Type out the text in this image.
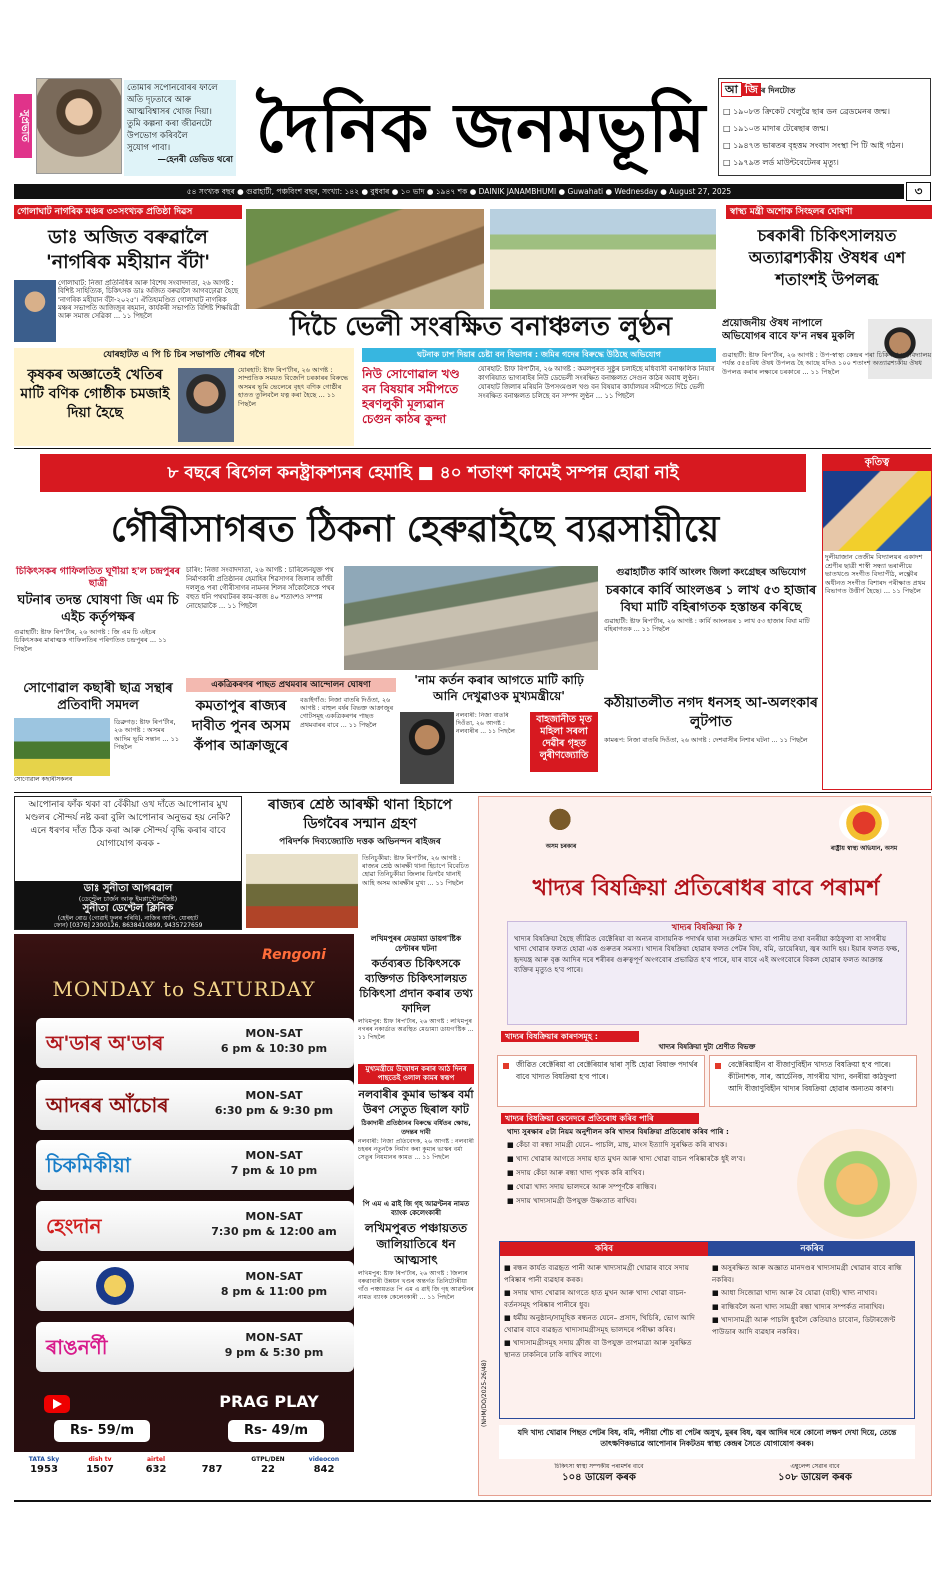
সুপ্ৰভাত
তোমাৰ সপোনবোৰৰ ফালে
অতি দৃঢ়তাৰে আৰু
আত্মবিশ্বাসৰ খোজ দিয়া।
তুমি কল্পনা কৰা জীৱনটো
উপভোগ কৰিবলৈ
সুযোগ পাবা।
—হেনৰী ডেভিড থৰো দৈনিক জনমভূমি	আ জি ৰ দিনটোত
□ ১৯০৮ত ক্ৰিকেট খেলুৱৈ ছাৰ ডন ব্ৰেডমেনৰ জন্ম।
□ ১৯১০ত মাদাৰ টেৰেছাৰ জন্ম।
□ ১৯৪৭ত ভাৰতৰ বৃহত্তম সংবাদ সংস্থা পি টি আই গঠন।
□ ১৯৭৯ত লৰ্ড মাউন্টবেটেনৰ মৃত্যু।
৫৪ সংখ্যক বছৰ ● গুৱাহাটী, পঞ্চবিংশ বছৰ, সংখ্যা: ১৪২ ● বুধবাৰ ● ১০ ভাদ ● ১৯৪৭ শক ● DAINIK JANAMBHUMI ● Guwahati ● Wednesday ● August 27, 2025	৩
গোলাঘাট নাগৰিক মঞ্চৰ ৩০সংখ্যক প্ৰতিষ্ঠা দিৱস
ডাঃ অজিত বৰুৱালৈ
'নাগৰিক মহীয়ান বঁটা'
গোলাঘাট: নিজা প্ৰতিনিধিৰ আৰু বিশেষ সংবাদদাতা, ২৬ আগষ্ট : বিশিষ্ট সাহিত্যিক, চিকিৎসক ডাঃ অজিত বৰুৱালৈ আগবঢ়োৱা হৈছে 'নাগৰিক মহীয়ান বঁটা-২০২৫'। ঐতিহ্যমণ্ডিত গোলাঘাট নাগৰিক মঞ্চৰ সভাপতি আজিজুৰ ৰহমান, কাৰ্যকৰী সভাপতি বিশিষ্ট শিক্ষয়িত্ৰী আৰু সমাজ সেৱিকা ... ১১ পিছলৈ	দিচৈ ভেলী সংৰক্ষিত বনাঞ্চলত লুণ্ঠন
ঘটনাক ঢাপ দিয়াৰ চেষ্টা বন বিভাগৰ : জমিৰ গদেৰ বিৰুদ্ধে উঠিছে অভিযোগ
নিউ সোণোৱাল খণ্ড বন বিষয়াৰ সমীপতে হৰণলুকী মূল্যৱান চেগুন কাঠৰ কুন্দা
যোৰহাট: ষ্টাফ ৰিপ'ৰ্টাৰ, ২৬ আগষ্ট : কমলপুৰত সুষ্ঠুৰ চলাইছে মধিবাসী বনাঞ্চলিক নিয়াৰ কাগৰিয়াত ভাগ্যৰাইৰ নিউ ডেভেলী সংৰক্ষিত বনাঞ্চলত সেগুন কাঠৰ অবাধ লুণ্ঠন। যোৰহাট জিলাৰ মৰিয়নি উপসংমণ্ডল খণ্ড বন বিষয়াৰ কাৰ্যালয়ৰ সমীপতে দিচৈ ভেলী সংৰক্ষিত বনাঞ্চলত চলিছে বন সম্পদ লুণ্ঠন ... ১১ পিছলৈ
যোৰহাটত এ পি চি চিৰ সভাপতি গৌৰৱ গগৈ
কৃষকৰ অজ্ঞাতেই খেতিৰ মাটি বণিক গোষ্ঠীক চমজাই দিয়া হৈছে
যোৰহাট: ষ্টাফ ৰিপ'ৰ্টাৰ, ২৬ আগষ্ট : সাম্প্ৰতিক সময়ত বিজেপি চৰকাৰৰ বিৰুদ্ধে অসমৰ ভূমি ভেলেৰে বৃহৎ বণিক গোষ্ঠীৰ হাতত তুলিবলৈ যত্ন কৰা হৈছে ... ১১ পিছলৈ
স্বাস্থ্য মন্ত্ৰী অশোক সিংহলৰ ঘোষণা
চৰকাৰী চিকিৎসালয়ত অত্যাৱশ্যকীয় ঔষধৰ এশ শতাংশই উপলব্ধ
প্ৰয়োজনীয় ঔষধ নাপালে অভিযোগৰ বাবে ফ'ন নম্বৰ মুকলি
গুৱাহাটী: ষ্টাফ ৰিপ'ৰ্টাৰ, ২৬ আগষ্ট : উপ-স্বাস্থ্য কেন্দ্ৰৰ পৰা চিকিৎসা মহাবিদ্যালয় পৰ্যন্ত ৫৫৪বিধ ঔষধ উপলব্ধ হৈ আছে যদিও ১০০ শতাংশ অত্যাৱশ্যকীয় ঔষধ উপলব্ধ কৰাৰ লক্ষ্যৰে চৰকাৰে ... ১১ পিছলৈ
৮ বছৰে ৰিগেল কনষ্ট্ৰাকশ্যনৰ হেমাহি ■ ৪০ শতাংশ কামেই সম্পন্ন হোৱা নাই
গৌৰীসাগৰত ঠিকনা হেৰুৱাইছে ব্যৱসায়ীয়ে
কৃতিত্ব
দুলীয়াজান তেজীম বিদ্যালয়ৰ একাদশ শ্ৰেণীৰ ছাত্ৰী শাস্বী সন্ধ্যা ভৰালীয়ে ভাতখণ্ডে সংগীত বিদ্যাপীঠ, লক্ষ্ণৌৰ অধীনত সংগীত বিশাৰদ পৰীক্ষাত প্ৰথম বিভাগত উত্তীৰ্ণ হৈছে। ... ১১ পিছলৈ
চিকিৎসকৰ গাফিলতিত ঘূণীয়া হ'ল চন্দ্ৰপুৰৰ ছাত্ৰী
ঘটনাৰ তদন্ত ঘোষণা জি এম চি এইচ কৰ্তৃপক্ষৰ
গুৱাহাটী: ষ্টাফ ৰিপ'ৰ্টাৰ, ২৬ আগষ্ট : জি এম চি এইচৰ চিকিৎসকৰ মাৰাত্মক গাফিলতিৰ পৰিণতিত চন্দ্ৰপুৰৰ ... ১১ পিছলৈ
সোণোৱাল কছাৰী ছাত্ৰ সন্থাৰ প্ৰতিবাদী সমদল
ডিব্ৰুগড়: ষ্টাফ ৰিপ'ৰ্টাৰ, ২৬ আগষ্ট : অসমৰ আদিম ভূমি সন্তান ... ১১ পিছলৈ
সোণোৱাল কছাৰীসকলৰ
চাৰিং: নিজা সংবাদদাতা, ২৬ আগষ্ট : চাৰিলেনযুক্ত পথ নিৰ্মাণকাৰী প্ৰতিষ্ঠানৰ হেমাহিৰ শিৱসাগৰ জিলাৰ জাঁজী দললুঙ পৰা গৌৰীসাগৰ নামনৰ শিলৰ সাঁকোলৈকে পথৰ বহুত ধনি পথঘাটৰৰ কাম-কাজ ৪০ শতাংশও সম্পন্ন নোহোৱাকৈ ... ১১ পিছলৈ
একত্ৰিকৰণৰ পাছত প্ৰথমবাৰ আন্দোলন ঘোষণা
কমতাপুৰ ৰাজ্যৰ দাবীত পুনৰ অসম কঁপাৰ আক্ৰাজুৰে
বঙাইগাঁও: নিজা বাতৰি দিওঁতা, ২৬ আগষ্ট : বাহুল বৰ্ষৰ বিভক্ত আক্ৰাজুৰ গোটসমূহ একত্ৰিকৰণৰ পাছত প্ৰথমবাৰৰ বাবে ... ১১ পিছলৈ
'নাম কৰ্তন কৰাৰ আগতে মাটি কাঢ়ি আনি দেখুৱাওক মুখ্যমন্ত্ৰীয়ে'
নলবাৰী: নিজা বাতৰি দিওঁতা, ২৬ আগষ্ট : নলবাৰীৰ ... ১১ পিছলৈ
বাহজানীত মৃত মহিলা সৰলা দেৱীৰ গৃহত লুৰীণজ্যোতি
গুৱাহাটীত কাৰ্বি আংলং জিলা কংগ্ৰেছৰ অভিযোগ
চৰকাৰে কাৰ্বি আংলঙৰ ১ লাখ ৫৩ হাজাৰ বিঘা মাটি বহিৰাগতক হস্তান্তৰ কৰিছে
গুৱাহাটী: ষ্টাফ ৰিপ'ৰ্টাৰ, ২৬ আগষ্ট : কাৰ্বি আংলঙৰ ১ লাখ ৫৩ হাজাৰ বিঘা মাটি বহিৰাগতক ... ১১ পিছলৈ
কঠীয়াতলীত নগদ ধনসহ আ-অলংকাৰ লুটপাত
কামৰূপ: নিজা বাতৰি দিওঁতা, ২৬ আগষ্ট : দেশবাসীৰ নিশাৰ ঘটনা ... ১১ পিছলৈ
আপোনাৰ ফাঁক থকা বা বেঁকীয়া ওখ দাঁতে আপোনাৰ মুখ মণ্ডলৰ সৌন্দৰ্য নষ্ট কৰা বুলি আপোনাৰ অনুভৱ হয় নেকি? এনে ধৰণৰ দাঁত ঠিক কৰা আৰু সৌন্দৰ্য বৃদ্ধি কৰাৰ বাবে যোগাযোগ কৰক -
ডাঃ সুনীতা আগৰৱাল
(ডেণ্টেল চাৰ্জন আৰু ইমপ্লান্টোলজিষ্ট)
সুনীতা ডেণ্টেল ক্লিনিক
(হেইল ৰোড (গোৱাই ফুলৰ পৰিধি), নাজিৰ আলি, যোৰহাট
ফোন) [0376] 2300126, 8638410899, 9435727659
ৰাজ্যৰ শ্ৰেষ্ঠ আৰক্ষী থানা হিচাপে ডিগবৈৰ সন্মান গ্ৰহণ
পৰিদৰ্শক দিব্যজ্যোতি দত্তক অভিনন্দন ৰাইজৰ
তিনিচুকীয়া: ষ্টাফ ৰিপ'ৰ্টাৰ, ২৬ আগষ্ট : ৰাজ্যৰ শ্ৰেষ্ঠ আৰক্ষী থানা হিচাপে বিবেচিত হোৱা তিনিচুকীয়া জিলাৰ ডিগবৈ থানাই আহি অসম আৰক্ষীৰ মুখ্য ... ১১ পিছলৈ
Rengoni
MONDAY to SATURDAY
অ'ডাৰ অ'ডাৰ	MON-SAT
6 pm & 10:30 pm
আদৰৰ আঁচোৰ	MON-SAT
6:30 pm & 9:30 pm
চিকমিকীয়া	MON-SAT
7 pm & 10 pm
হেংদান	MON-SAT
7:30 pm & 12:00 am
MON-SAT
8 pm & 11:00 pm
ৰাঙনৰ্ণী	MON-SAT
9 pm & 5:30 pm
Rs- 59/m
PRAG PLAY
Rs- 49/m
TATA Sky
1953
dish tv
1507
airtel
632	787
GTPL/DEN
22
videocon
842
লখিমপুৰৰ মেডাম্যা ডায়গ'ষ্টিক চেণ্টাৰৰ ঘটনা
কৰ্তব্যৰত চিকিৎসকে ব্যক্তিগত চিকিৎসালয়ত চিকিৎসা প্ৰদান কৰাৰ তথ্য ফাদিল
লখিমপুৰ: ষ্টাফ ৰিপ'ৰ্টাৰ, ২৬ আগষ্ট : লখিমপুৰ নগৰৰ নকাৰ্ডাত অৱস্থিত মেডাম্যা ডায়গ'ষ্টিক ... ১১ পিছলৈ
মুখ্যমন্ত্ৰীয়ে উদ্বোধন কৰাৰ আঠ দিনৰ পাছতেই ওলাল কামৰ স্বৰূপ
নলবাৰীৰ কুমাৰ ভাস্কৰ বৰ্মা উৰণ সেতুত ছিৰাল ফাট
ঠিকাদাৰী প্ৰতিষ্ঠানৰ বিৰুদ্ধে বৰ্ধিতৰ ক্ষোভ, তদন্তৰ দাবী
নলবাৰী: নিজা প্ৰতিবেদক, ২৬ আগষ্ট : নলবাৰী চহৰৰ নতুনকৈ নিৰ্মাণ কৰা কুমাৰ ভাস্কৰ বৰ্মা সেতুৰ নিয়মানৰ কামত ... ১১ পিছলৈ
পি এম এ ৱাই জি গৃহ আৱণ্টনৰ নামত ব্যাংক কেলেংকাৰী
লখিমপুৰত পঞ্চায়তত জালিয়াতিৰে ধন আত্মসাৎ
লখিমপুৰ: ষ্টাফ ৰিপ'ৰ্টাৰ, ২৬ আগষ্ট : জিলাৰ বৰুৱাবাৰী উন্নয়ন খণ্ডৰ অন্তৰ্গত তিনিটোৰীয়া গাঁও পঞ্চায়তত পি এম এ ৱাই জি গৃহ আৱণ্টনৰ নামত ব্যাংক কেলেংকাৰী ... ১১ পিছলৈ
অসম চৰকাৰ	ৰাষ্ট্ৰীয় স্বাস্থ্য অভিযান, অসম
খাদ্যৰ বিষক্ৰিয়া প্ৰতিৰোধৰ বাবে পৰামৰ্শ
খাদ্যৰ বিষক্ৰিয়া কি ?
খাদ্যৰ বিষক্ৰিয়া হৈছে জীৱিত বেক্টেৰিয়া বা অন্যৰ বাসায়নিক পদাৰ্থৰ দ্বাৰা সংক্ৰমিত খাদ্য বা পানীয় তথা বনৰীয়া কাঠফুলা বা সাগৰীয় খাদ্য খোৱাৰ ফলত হোৱা এক গুৰুতৰ সমস্যা। খাদ্যৰ বিষক্ৰিয়া হোৱাৰ ফলত পেটৰ বিষ, বমি, ডায়েৰিয়া, জ্বৰ আদি হয়। ইয়াৰ ফলত ফল্ক, হৃদযন্ত্ৰ আৰু বৃক্ক আদিৰ দৰে শৰীৰৰ গুৰুত্বপূৰ্ণ অংগবোৰ প্ৰভাৱিত হ'ব পাৰে, যাৰ বাবে এই অংগবোৰে বিকল হোৱাৰ ফলত আক্ৰান্ত ব্যক্তিৰ মৃত্যুও হ'ব পাৰে।
খাদ্যৰ বিষক্ৰিয়াৰ কাৰণসমূহ :
খাদ্যৰ বিষক্ৰিয়া দুটা শ্ৰেণীত বিভক্ত
জীৱিত বেক্টেৰিয়া বা বেক্টেৰিয়াৰ দ্বাৰা সৃষ্টি হোৱা বিষাক্ত পদাৰ্থৰ বাবে খাদ্যত বিষক্ৰিয়া হ'ব পাৰে।
বেক্টেৰিয়াহীন বা বীজাণুবিহীন খাদ্যত বিষক্ৰিয়া হ'ব পাৰে। কীটনাশক, সাৰ, আৰ্চেনিক, সাগৰীয় খাদ্য, বনৰীয়া কাঠফুলা আদি বীজাণুবিহীন খাদ্যৰ বিষক্ৰিয়া হোৱাৰ অন্যতম কাৰণ।
খাদ্যৰ বিষক্ৰিয়া কেনেদৰে প্ৰতিৰোধ কৰিব পাৰি
খাদ্য সুৰক্ষাৰ ৫টা নিয়ম অনুশীলন কৰি খাদ্যৰ বিষক্ৰিয়া প্ৰতিৰোধ কৰিব পাৰি :
■ কেঁচা বা ৰন্ধা সামগ্ৰী যেনে– পাচলি, মাছ, মাংস ইত্যাদি সুৰক্ষিত কৰি ৰাখক।
■ খাদ্য খোৱাৰ আগতে সদায় হাত মুখন আৰু খাদ্য খোৱা বাচন পৰিষ্কাৰকৈ ধুই ল'ব।
■ সদায় কেঁচা আৰু ৰন্ধা খাদ্য পৃথক কৰি ৰাখিব।
■ খোৱা খাদ্য সদায় ভালদৰে আৰু সম্পূৰ্ণকৈ ৰান্ধিব।
■ সদায় খাদ্যসামগ্ৰী উপযুক্ত উষ্ণতাত ৰাখিব।
কৰিব	নকৰিব
■ ৰন্ধন কাৰ্যত ব্যৱহৃত পানী আৰু খাদ্যসামগ্ৰী খোৱাৰ বাবে সদায় পৰিষ্কাৰ পানী ব্যৱহাৰ কৰক।
■ সদায় খাদ্য খোৱাৰ আগতে হাত মুখন আৰু খাদ্য খোৱা বাচন-বৰ্তনসমূহ পৰিষ্কাৰ পানীৰে ধুব।
■ ধৰ্মীয় অনুষ্ঠান/সামূহিক ৰন্ধনত যেনে– প্ৰসাদ, খিচিৰি, ভোগ আদি খোৱাৰ বাবে ব্যৱহৃত খাদ্যসামগ্ৰীসমূহ ভালদৰে পৰীক্ষা কৰিব।
■ খাদ্যসামগ্ৰীসমূহ সদায় ফ্ৰীজ বা উপযুক্ত তাপমাত্ৰা আৰু সুৰক্ষিত স্থানত ঢাকনিৰে ঢাকি ৰাখিব লাগে।
■ অসুৰক্ষিত আৰু অজ্ঞাত মানদণ্ডৰ খাদ্যসামগ্ৰী খোৱাৰ বাবে ৰান্ধি নকৰিব।
■ আধা সিজোৱা খাদ্য আৰু বৈ যোৱা (বাহী) খাদ্য নাখাব।
■ ৰান্ধিবলৈ অনা খাদ্য সামগ্ৰী ৰন্ধা খাদ্যৰ সম্পৰ্কত নাৰাখিব।
■ খাদ্যসামগ্ৰী আৰু পাচলি ধুবলৈ কেতিয়াও চাবোন, ডিটাৰজেণ্ট পাউডাৰ আদি ব্যৱহাৰ নকৰিব।
(NHM/DO/2025-26/48)
যদি খাদ্য খোৱাৰ পিছত পেটৰ বিষ, বমি, পনীয়া শৌচ বা পেটৰ অসুখ, মুৰৰ বিষ, জ্বৰ আদিৰ দৰে কোনো লক্ষণ দেখা দিয়ে, তেন্তে তাৎক্ষণিকভাৱে আপোনাৰ নিকটতম স্বাস্থ্য কেন্দ্ৰৰ সৈতে যোগাযোগ কৰক।
চিকিৎসা স্বাস্থ্য সম্পৰ্কীয় পৰামৰ্শৰ বাবে
১০৪ ডায়েল কৰক
এম্বুলেন্স সেৱাৰ বাবে
১০৮ ডায়েল কৰক
